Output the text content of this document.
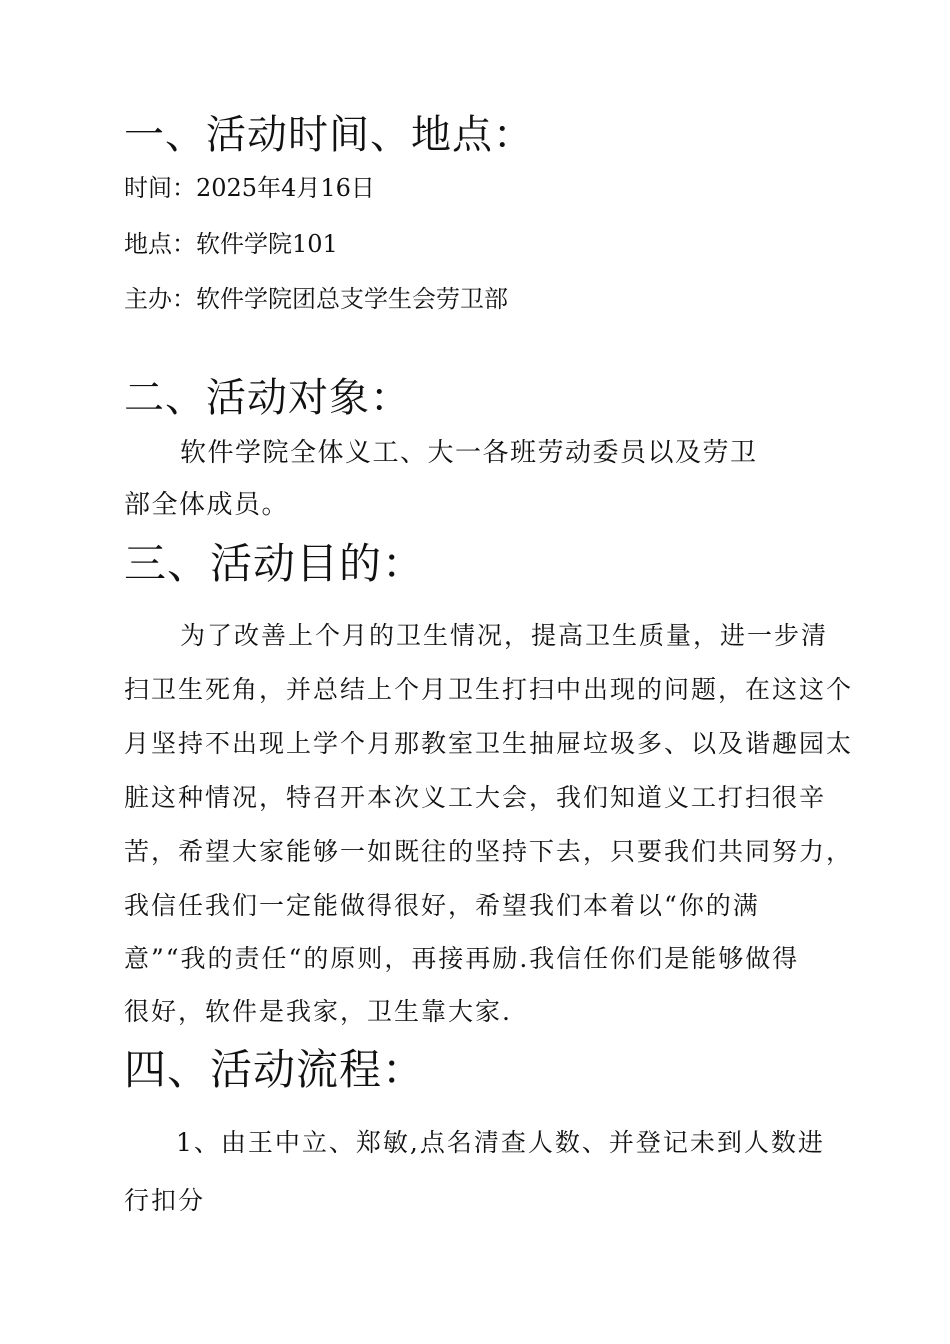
一、活动时间、地点：

时间：2025年4月16日

地点：软件学院101

主办：软件学院团总支学生会劳卫部

二、活动对象：

软件学院全体义工、大一各班劳动委员以及劳卫

部全体成员。

三、活动目的：

为了改善上个月的卫生情况，提高卫生质量，进一步清

扫卫生死角，并总结上个月卫生打扫中出现的问题，在这这个

月坚持不出现上学个月那教室卫生抽屉垃圾多、以及谐趣园太

脏这种情况，特召开本次义工大会，我们知道义工打扫很辛

苦，希望大家能够一如既往的坚持下去，只要我们共同努力，

我信任我们一定能做得很好，希望我们本着以“你的满

意”“我的责任“的原则，再接再励.我信任你们是能够做得

很好，软件是我家，卫生靠大家.

四、活动流程：

1、由王中立、郑敏,点名清查人数、并登记未到人数进

行扣分
